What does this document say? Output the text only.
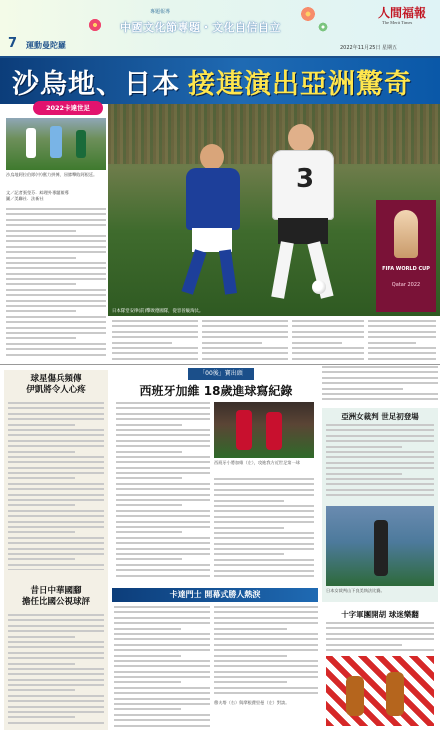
專題報導
中國文化節專題・文化自信自立
人間福報
The Merit Times
7 運動曼陀羅	2022年11月25日 星期五
沙烏地、日本 接連演出亞洲驚奇
2022卡達世足
3
FIFA WORLD CUP
Qatar 2022
日本隊堂安律(前)擊敗德國隊，從容晉級淘汰。
沙烏地阿拉伯隊(中)奮力拼搏，屈膝擊敗阿根廷。
文／記者張瑩芬．綜理外專題報導
圖／美聯社．法新社
球星傷兵頻傳
伊凱將令人心疼
昔日中華國腳
擔任比國公視球評
「00後」寶出頭
西班牙加維 18歲進球寫紀錄
西班牙小將加維（左），攻進我方近世足第一球
卡達門士 開幕式勝人熱淚
穆夫塔（右）與摩根費里曼（左）對談。
亞洲女裁判 世足初登場
日本女裁判山下良美執法比賽。
十字軍團開胡 球迷樂翻
